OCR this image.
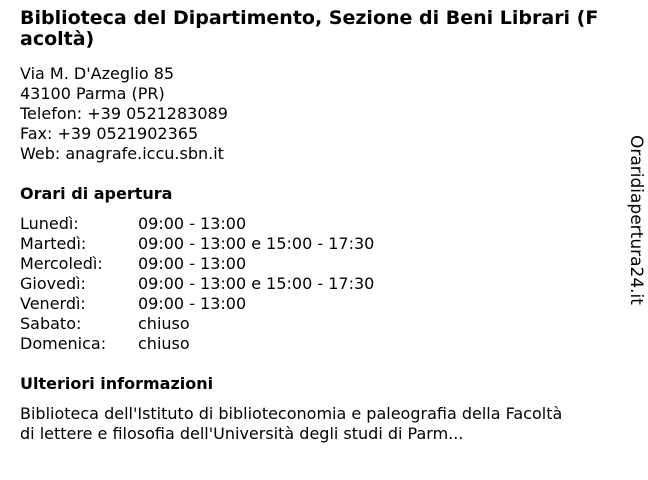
Biblioteca del Dipartimento, Sezione di Beni Librari (Facoltà)
Via M. D'Azeglio 85
43100 Parma (PR)
Telefon: +39 0521283089
Fax: +39 0521902365
Web: anagrafe.iccu.sbn.it
Orari di apertura
Lunedì:	09:00 - 13:00
Martedì:	09:00 - 13:00 e 15:00 - 17:30
Mercoledì:	09:00 - 13:00
Giovedì:	09:00 - 13:00 e 15:00 - 17:30
Venerdì:	09:00 - 13:00
Sabato:	chiuso
Domenica:	chiuso
Ulteriori informazioni
Biblioteca dell'Istituto di biblioteconomia e paleografia della Facoltà di lettere e filosofia dell'Università degli studi di Parm...
Oraridiapertura24.it
